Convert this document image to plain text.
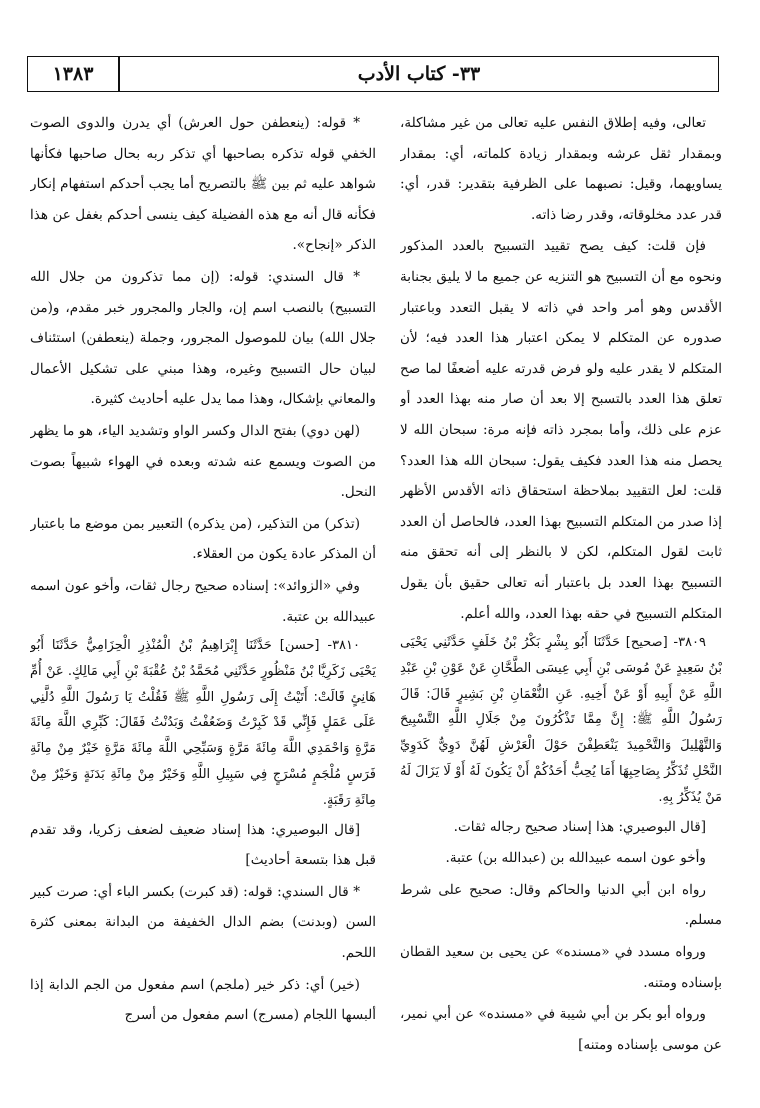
١٣٨٣	٣٣- كتاب الأدب

تعالى، وفيه إطلاق النفس عليه تعالى من غير مشاكلة، وبمقدار ثقل عرشه وبمقدار زيادة كلماته، أي: بمقدار يساويهما، وقيل: نصبهما على الظرفية بتقدير: قدر، أي: قدر عدد مخلوقاته، وقدر رضا ذاته.

فإن قلت: كيف يصح تقييد التسبيح بالعدد المذكور ونحوه مع أن التسبيح هو التنزيه عن جميع ما لا يليق بجنابة الأقدس وهو أمر واحد في ذاته لا يقبل التعدد وباعتبار صدوره عن المتكلم لا يمكن اعتبار هذا العدد فيه؛ لأن المتكلم لا يقدر عليه ولو فرض قدرته عليه أضعفًا لما صح تعلق هذا العدد بالتسبح إلا بعد أن صار منه بهذا العدد أو عزم على ذلك، وأما بمجرد ذاته فإنه مرة: سبحان الله لا يحصل منه هذا العدد فكيف يقول: سبحان الله هذا العدد؟ قلت: لعل التقييد بملاحظة استحقاق ذاته الأقدس الأظهر إذا صدر من المتكلم التسبيح بهذا العدد، فالحاصل أن العدد ثابت لقول المتكلم، لكن لا بالنظر إلى أنه تحقق منه التسبيح بهذا العدد بل باعتبار أنه تعالى حقيق بأن يقول المتكلم التسبيح في حقه بهذا العدد، والله أعلم.

٣٨٠٩- [صحيح] حَدَّثَنَا أَبُو بِشْرٍ بَكْرُ بْنُ خَلَفٍ حَدَّثَنِي يَحْيَى بْنُ سَعِيدٍ عَنْ مُوسَى بْنِ أَبِي عِيسَى الطَّحَّانِ عَنْ عَوْنِ بْنِ عَبْدِ اللَّهِ عَنْ أَبِيهِ أَوْ عَنْ أَخِيهِ. عَنِ النُّعْمَانِ بْنِ بَشِيرٍ قَالَ: قَالَ رَسُولُ اللَّهِ ﷺ: إِنَّ مِمَّا تَذْكُرُونَ مِنْ جَلَالِ اللَّهِ التَّسْبِيحَ وَالتَّهْلِيلَ وَالتَّحْمِيدَ يَنْعَطِفْنَ حَوْلَ الْعَرْشِ لَهُنَّ دَوِيٌّ كَدَوِيِّ النَّحْلِ تُذَكِّرُ بِصَاحِبِهَا أَمَا يُحِبُّ أَحَدُكُمْ أَنْ يَكُونَ لَهُ أَوْ لَا يَزَالَ لَهُ مَنْ يُذَكِّرُ بِهِ.

[قال البوصيري: هذا إسناد صحيح رجاله ثقات.

وأخو عون اسمه عبيدالله بن (عبدالله بن) عتبة.

رواه ابن أبي الدنيا والحاكم وقال: صحيح على شرط مسلم.

ورواه مسدد في «مسنده» عن يحيى بن سعيد القطان بإسناده ومتنه.

ورواه أبو بكر بن أبي شيبة في «مسنده» عن أبي نمير، عن موسى بإسناده ومتنه]

* قوله: (ينعطفن حول العرش) أي يدرن والدوى الصوت الخفي قوله تذكره بصاحبها أي تذكر ربه بحال صاحبها فكأنها شواهد عليه ثم بين ﷺ بالتصريح أما يجب أحدكم استفهام إنكار فكأنه قال أنه مع هذه الفضيلة كيف ينسى أحدكم بغفل عن هذا الذكر «إنجاح».

* قال السندي: قوله: (إن مما تذكرون من جلال الله التسبيح) بالنصب اسم إن، والجار والمجرور خبر مقدم، و(من جلال الله) بيان للموصول المجرور، وجملة (ينعطفن) استئناف لبيان حال التسبيح وغيره، وهذا مبني على تشكيل الأعمال والمعاني بإشكال، وهذا مما يدل عليه أحاديث كثيرة.

(لهن دوي) بفتح الدال وكسر الواو وتشديد الياء، هو ما يظهر من الصوت ويسمع عنه شدته وبعده في الهواء شبيهاً بصوت النحل.

(تذكر) من التذكير، (من يذكره) التعبير بمن موضع ما باعتبار أن المذكر عادة يكون من العقلاء.

وفي «الزوائد»: إسناده صحيح رجال ثقات، وأخو عون اسمه عبيدالله بن عتبة.

٣٨١٠- [حسن] حَدَّثَنَا إِبْرَاهِيمُ بْنُ الْمُنْذِرِ الْحِزَامِيُّ حَدَّثَنَا أَبُو يَحْيَى زَكَرِيَّا بْنُ مَنْظُورٍ حَدَّثَنِي مُحَمَّدُ بْنُ عُقْبَةَ بْنِ أَبِي مَالِكٍ. عَنْ أُمِّ هَانِئٍ قَالَتْ: أَتَيْتُ إِلَى رَسُولِ اللَّهِ ﷺ فَقُلْتُ يَا رَسُولَ اللَّهِ دُلَّنِي عَلَى عَمَلٍ فَإِنِّي قَدْ كَبِرْتُ وَضَعُفْتُ وَبَدُنْتُ فَقَالَ: كَبِّرِي اللَّهَ مِائَةَ مَرَّةٍ وَاحْمَدِي اللَّهَ مِائَةَ مَرَّةٍ وَسَبِّحِي اللَّهَ مِائَةَ مَرَّةٍ خَيْرٌ مِنْ مِائَةِ فَرَسٍ مُلْجَمٍ مُسْرَجٍ فِي سَبِيلِ اللَّهِ وَخَيْرٌ مِنْ مِائَةِ بَدَنَةٍ وَخَيْرٌ مِنْ مِائَةِ رَقَبَةٍ.

[قال البوصيري: هذا إسناد ضعيف لضعف زكريا، وقد تقدم قبل هذا بتسعة أحاديث]

* قال السندي: قوله: (قد كبرت) بكسر الباء أي: صرت كبير السن (وبدنت) بضم الدال الخفيفة من البدانة بمعنى كثرة اللحم.

(خير) أي: ذكر خير (ملجم) اسم مفعول من الجم الدابة إذا ألبسها اللجام (مسرج) اسم مفعول من أسرج
